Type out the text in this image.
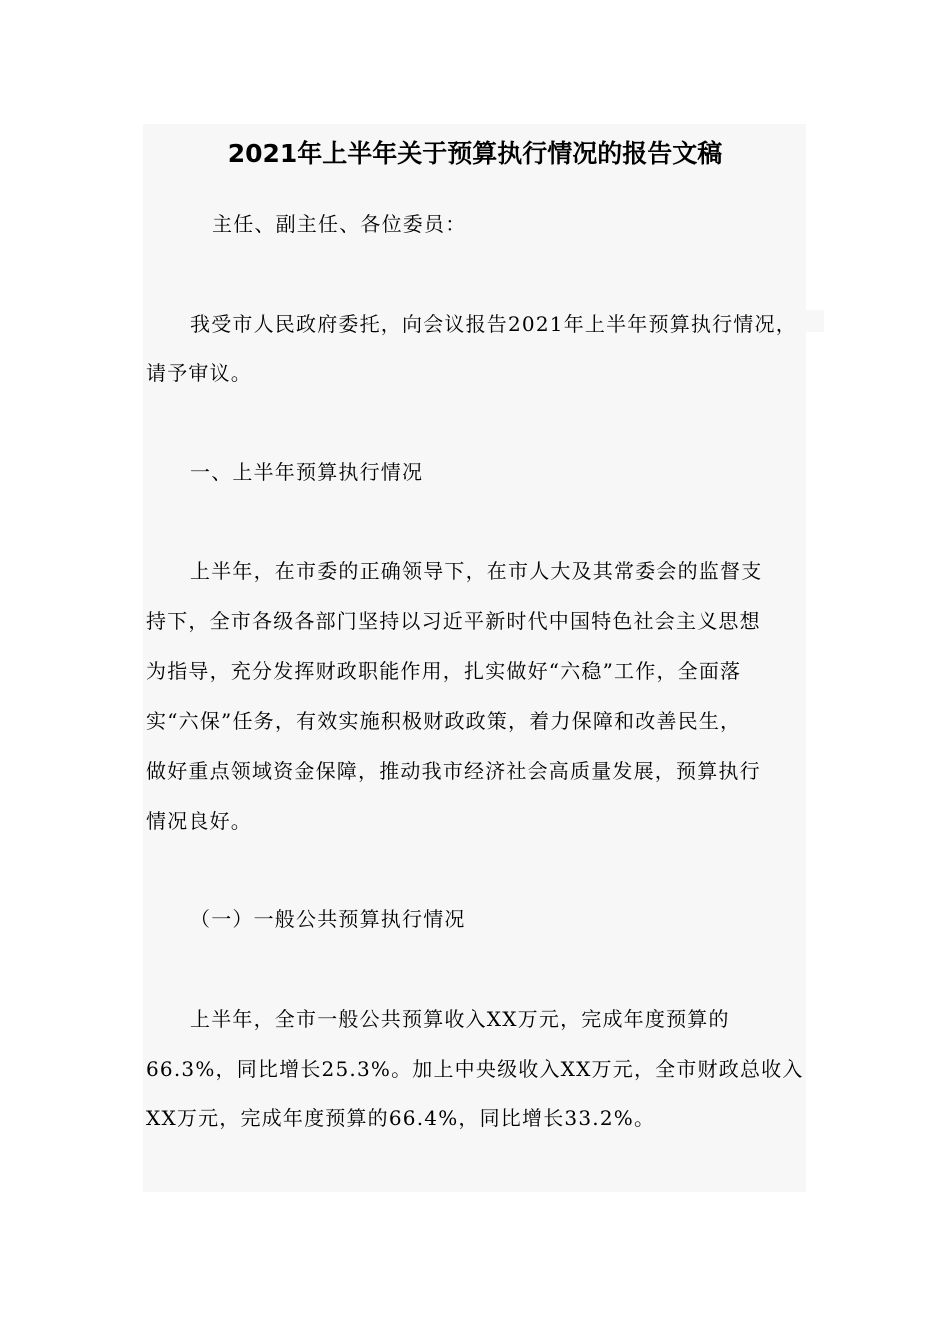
2021年上半年关于预算执行情况的报告文稿
主任、副主任、各位委员：
我受市人民政府委托，向会议报告2021年上半年预算执行情况，
请予审议。
一、上半年预算执行情况
上半年，在市委的正确领导下，在市人大及其常委会的监督支
持下，全市各级各部门坚持以习近平新时代中国特色社会主义思想
为指导，充分发挥财政职能作用，扎实做好“六稳”工作，全面落
实“六保”任务，有效实施积极财政政策，着力保障和改善民生，
做好重点领域资金保障，推动我市经济社会高质量发展，预算执行
情况良好。
（一）一般公共预算执行情况
上半年，全市一般公共预算收入XX万元，完成年度预算的
66.3%，同比增长25.3%。加上中央级收入XX万元，全市财政总收入
XX万元，完成年度预算的66.4%，同比增长33.2%。
